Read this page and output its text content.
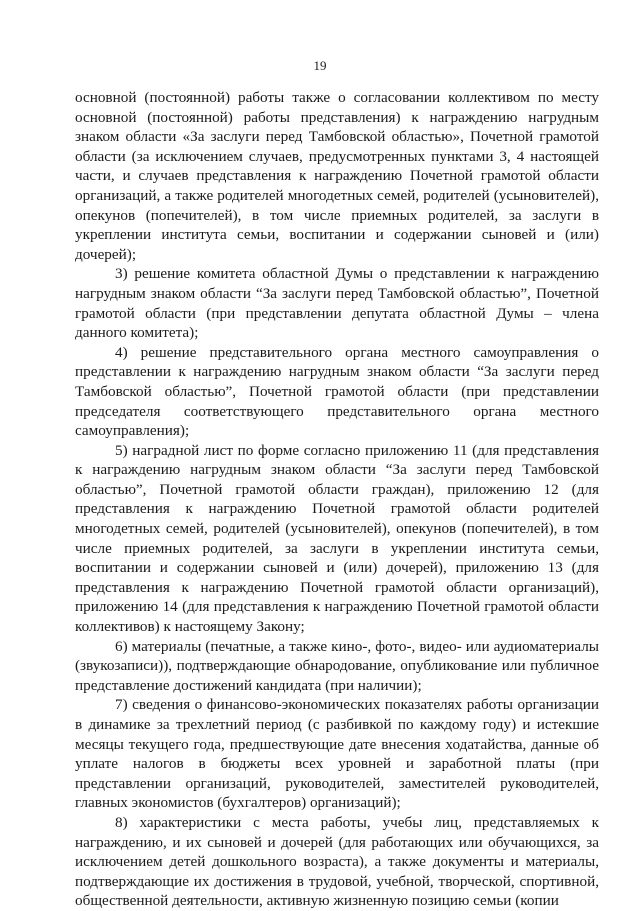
19

основной (постоянной) работы также о согласовании коллективом по месту основной (постоянной) работы представления) к награждению нагрудным знаком области «За заслуги перед Тамбовской областью», Почетной грамотой области (за исключением случаев, предусмотренных пунктами 3, 4 настоящей части, и случаев представления к награждению Почетной грамотой области организаций, а также родителей многодетных семей, родителей (усыновителей), опекунов (попечителей), в том числе приемных родителей, за заслуги в укреплении института семьи, воспитании и содержании сыновей и (или) дочерей);

3) решение комитета областной Думы о представлении к награждению нагрудным знаком области “За заслуги перед Тамбовской областью”, Почетной грамотой области (при представлении депутата областной Думы – члена данного комитета);

4) решение представительного органа местного самоуправления о представлении к награждению нагрудным знаком области “За заслуги перед Тамбовской областью”, Почетной грамотой области (при представлении председателя соответствующего представительного органа местного самоуправления);

5) наградной лист по форме согласно приложению 11 (для представления к награждению нагрудным знаком области “За заслуги перед Тамбовской областью”, Почетной грамотой области граждан), приложению 12 (для представления к награждению Почетной грамотой области родителей многодетных семей, родителей (усыновителей), опекунов (попечителей), в том числе приемных родителей, за заслуги в укреплении института семьи, воспитании и содержании сыновей и (или) дочерей), приложению 13 (для представления к награждению Почетной грамотой области организаций), приложению 14 (для представления к награждению Почетной грамотой области коллективов) к настоящему Закону;

6) материалы (печатные, а также кино-, фото-, видео- или аудиоматериалы (звукозаписи)), подтверждающие обнародование, опубликование или публичное представление достижений кандидата (при наличии);

7) сведения о финансово-экономических показателях работы организации в динамике за трехлетний период (с разбивкой по каждому году) и истекшие месяцы текущего года, предшествующие дате внесения ходатайства, данные об уплате налогов в бюджеты всех уровней и заработной платы (при представлении организаций, руководителей, заместителей руководителей, главных экономистов (бухгалтеров) организаций);

8) характеристики с места работы, учебы лиц, представляемых к награждению, и их сыновей и дочерей (для работающих или обучающихся, за исключением детей дошкольного возраста), а также документы и материалы, подтверждающие их достижения в трудовой, учебной, творческой, спортивной, общественной деятельности, активную жизненную позицию семьи (копии
